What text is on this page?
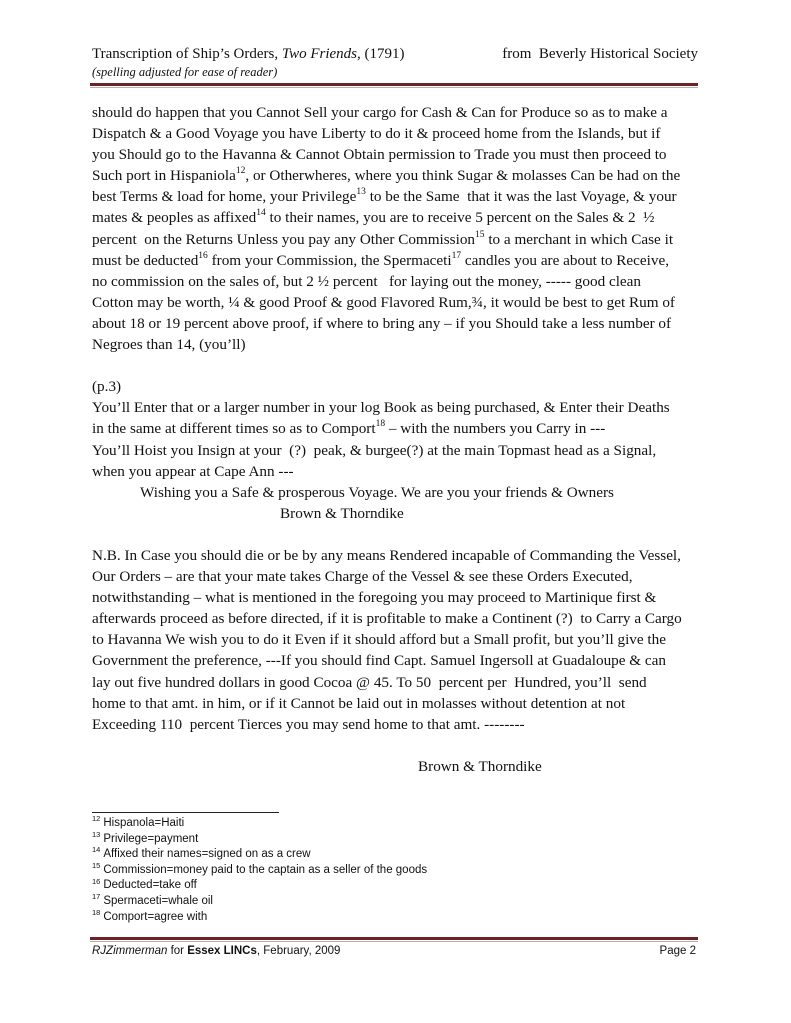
Transcription of Ship’s Orders, Two Friends, (1791)	from  Beverly Historical Society
(spelling adjusted for ease of reader)

should do happen that you Cannot Sell your cargo for Cash & Can for Produce so as to make a

Dispatch & a Good Voyage you have Liberty to do it & proceed home from the Islands, but if

you Should go to the Havanna & Cannot Obtain permission to Trade you must then proceed to

Such port in Hispaniola$^{12}$, or Otherwheres, where you think Sugar & molasses Can be had on the

best Terms & load for home, your Privilege$^{13}$ to be the Same  that it was the last Voyage, & your

mates & peoples as affixed$^{14}$ to their names, you are to receive 5 percent on the Sales & 2  ½

percent  on the Returns Unless you pay any Other Commission$^{15}$ to a merchant in which Case it

must be deducted$^{16}$ from your Commission, the Spermaceti$^{17}$ candles you are about to Receive,

no commission on the sales of, but 2 ½ percent   for laying out the money, ----- good clean

Cotton may be worth, ¼ & good Proof & good Flavored Rum,¾, it would be best to get Rum of

about 18 or 19 percent above proof, if where to bring any – if you Should take a less number of

Negroes than 14, (you’ll)

(p.3)

You’ll Enter that or a larger number in your log Book as being purchased, & Enter their Deaths

in the same at different times so as to Comport$^{18}$ – with the numbers you Carry in ---

You’ll Hoist you Insign at your  (?)  peak, & burgee(?) at the main Topmast head as a Signal,

when you appear at Cape Ann ---

Wishing you a Safe & prosperous Voyage. We are you your friends & Owners

Brown & Thorndike

N.B. In Case you should die or be by any means Rendered incapable of Commanding the Vessel,

Our Orders – are that your mate takes Charge of the Vessel & see these Orders Executed,

notwithstanding – what is mentioned in the foregoing you may proceed to Martinique first &

afterwards proceed as before directed, if it is profitable to make a Continent (?)  to Carry a Cargo

to Havanna We wish you to do it Even if it should afford but a Small profit, but you’ll give the

Government the preference, ---If you should find Capt. Samuel Ingersoll at Guadaloupe & can

lay out five hundred dollars in good Cocoa @ 45. To 50  percent per  Hundred, you’ll  send

home to that amt. in him, or if it Cannot be laid out in molasses without detention at not

Exceeding 110  percent Tierces you may send home to that amt. --------

Brown & Thorndike

$^{12}$ Hispanola=Haiti
$^{13}$ Privilege=payment
$^{14}$ Affixed their names=signed on as a crew
$^{15}$ Commission=money paid to the captain as a seller of the goods
$^{16}$ Deducted=take off
$^{17}$ Spermaceti=whale oil
$^{18}$ Comport=agree with
RJZimmerman for Essex LINCs, February, 2009	Page 2
